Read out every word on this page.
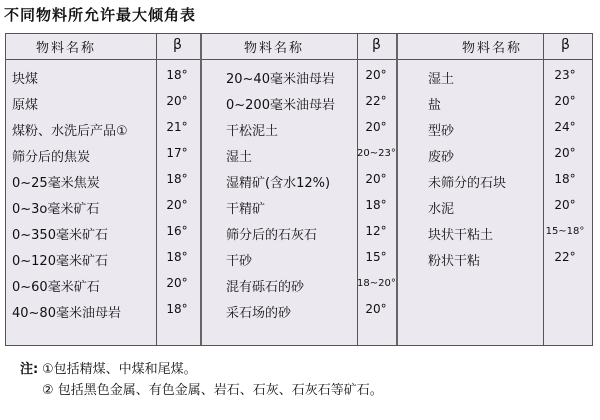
不同物料所允许最大倾角表
物料名称	β
块煤	18°
原煤	20°
煤粉、水洗后产品①	21°
筛分后的焦炭	17°
0~25毫米焦炭	18°
0~3o毫米矿石	20°
0~350毫米矿石	16°
0~120毫米矿石	18°
0~60毫米矿石	20°
40~80毫米油母岩	18°
物料名称	β
20~40毫米油母岩	20°
0~200毫米油母岩	22°
干松泥土	20°
湿土	20~23°
湿精矿(含水12%)	20°
干精矿	18°
筛分后的石灰石	12°
干砂	15°
混有砾石的砂	18~20°
采石场的砂	20°
物料名称	β
湿土	23°
盐	20°
型砂	24°
废砂	20°
未筛分的石块	18°
水泥	20°
块状干粘土	15~18°
粉状干粘	22°
注: ①包括精煤、中煤和尾煤。
② 包括黑色金属、有色金属、岩石、石灰、石灰石等矿石。
